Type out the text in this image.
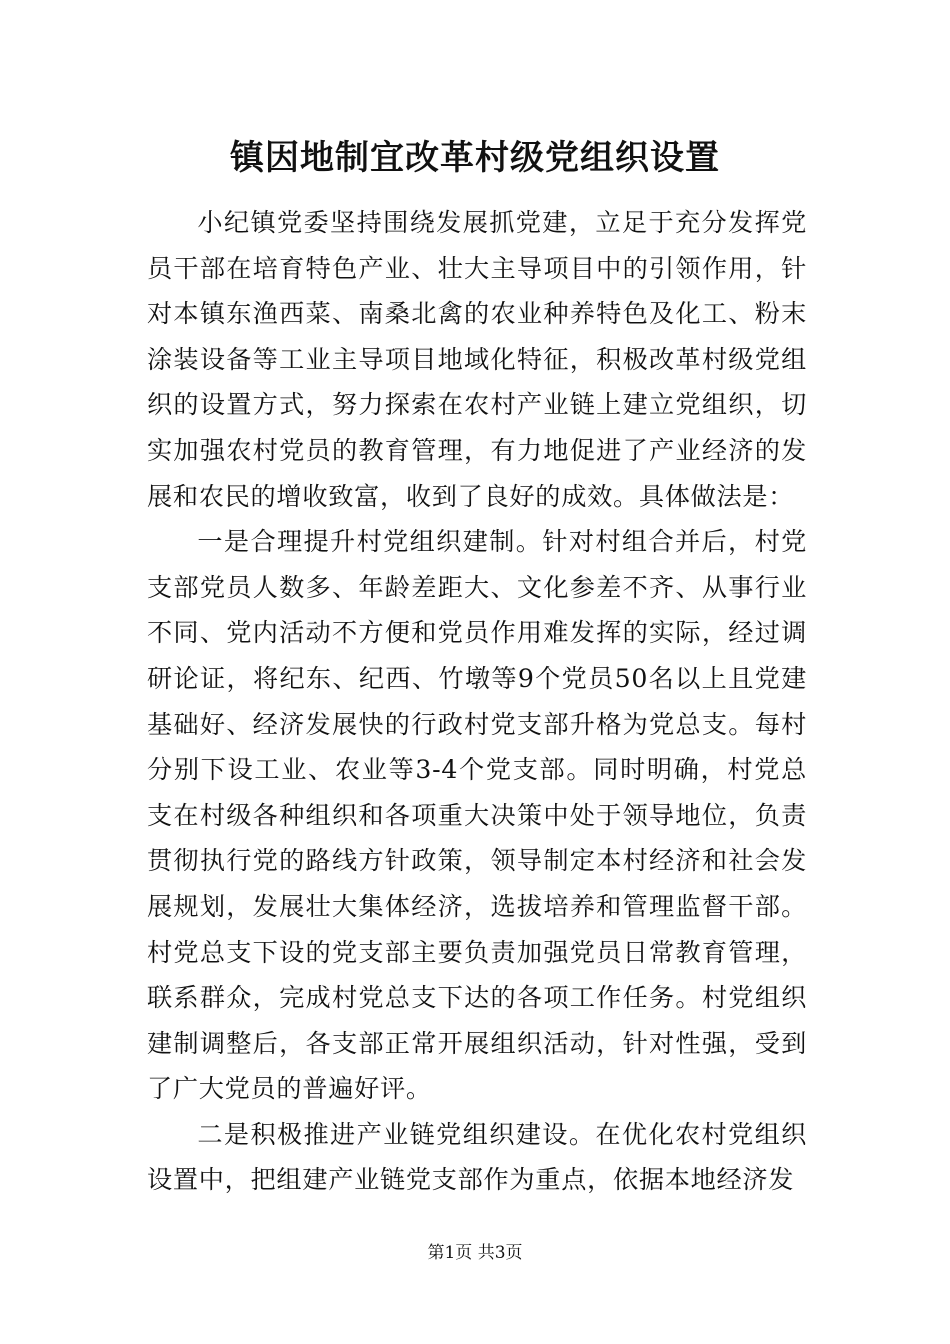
镇因地制宜改革村级党组织设置

小纪镇党委坚持围绕发展抓党建，立足于充分发挥党员干部在培育特色产业、壮大主导项目中的引领作用，针对本镇东渔西菜、南桑北禽的农业种养特色及化工、粉末涂装设备等工业主导项目地域化特征，积极改革村级党组织的设置方式，努力探索在农村产业链上建立党组织，切实加强农村党员的教育管理，有力地促进了产业经济的发展和农民的增收致富，收到了良好的成效。具体做法是：

一是合理提升村党组织建制。针对村组合并后，村党支部党员人数多、年龄差距大、文化参差不齐、从事行业不同、党内活动不方便和党员作用难发挥的实际，经过调研论证，将纪东、纪西、竹墩等9个党员50名以上且党建基础好、经济发展快的行政村党支部升格为党总支。每村分别下设工业、农业等3-4个党支部。同时明确，村党总支在村级各种组织和各项重大决策中处于领导地位，负责贯彻执行党的路线方针政策，领导制定本村经济和社会发展规划，发展壮大集体经济，选拔培养和管理监督干部。村党总支下设的党支部主要负责加强党员日常教育管理，联系群众，完成村党总支下达的各项工作任务。村党组织建制调整后，各支部正常开展组织活动，针对性强，受到了广大党员的普遍好评。

二是积极推进产业链党组织建设。在优化农村党组织设置中，把组建产业链党支部作为重点，依据本地经济发

第1页 共3页
